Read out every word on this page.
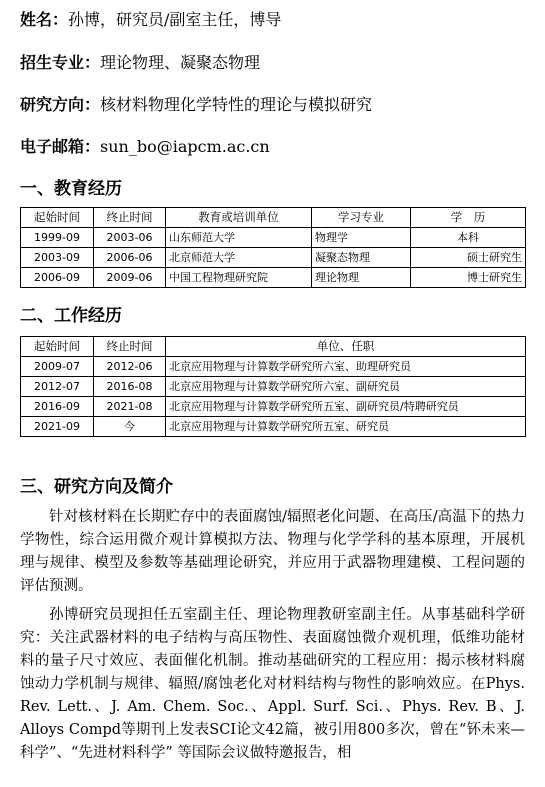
姓名：孙博，研究员/副室主任，博导
招生专业：理论物理、凝聚态物理
研究方向：核材料物理化学特性的理论与模拟研究
电子邮箱：sun_bo@iapcm.ac.cn
一、教育经历
起始时间	终止时间	教育或培训单位	学习专业	学　历
1999-09	2003-06	山东师范大学	物理学	本科
2003-09	2006-06	北京师范大学	凝聚态物理	硕士研究生
2006-09	2009-06	中国工程物理研究院	理论物理	博士研究生
二、工作经历
起始时间	终止时间	单位、任职
2009-07	2012-06	北京应用物理与计算数学研究所六室、助理研究员
2012-07	2016-08	北京应用物理与计算数学研究所六室、副研究员
2016-09	2021-08	北京应用物理与计算数学研究所五室、副研究员/特聘研究员
2021-09	今	北京应用物理与计算数学研究所五室、研究员
三、研究方向及简介
针对核材料在长期贮存中的表面腐蚀/辐照老化问题、在高压/高温下的热力学物性，综合运用微介观计算模拟方法、物理与化学学科的基本原理，开展机理与规律、模型及参数等基础理论研究，并应用于武器物理建模、工程问题的评估预测。
孙博研究员现担任五室副主任、理论物理教研室副主任。从事基础科学研究：关注武器材料的电子结构与高压物性、表面腐蚀微介观机理，低维功能材料的量子尺寸效应、表面催化机制。推动基础研究的工程应用：揭示核材料腐蚀动力学机制与规律、辐照/腐蚀老化对材料结构与物性的影响效应。在Phys. Rev. Lett.、J. Am. Chem. Soc.、Appl. Surf. Sci.、Phys. Rev. B、J. Alloys Compd等期刊上发表SCI论文42篇，被引用800多次，曾在“钚未来—科学”、“先进材料科学” 等国际会议做特邀报告，相
